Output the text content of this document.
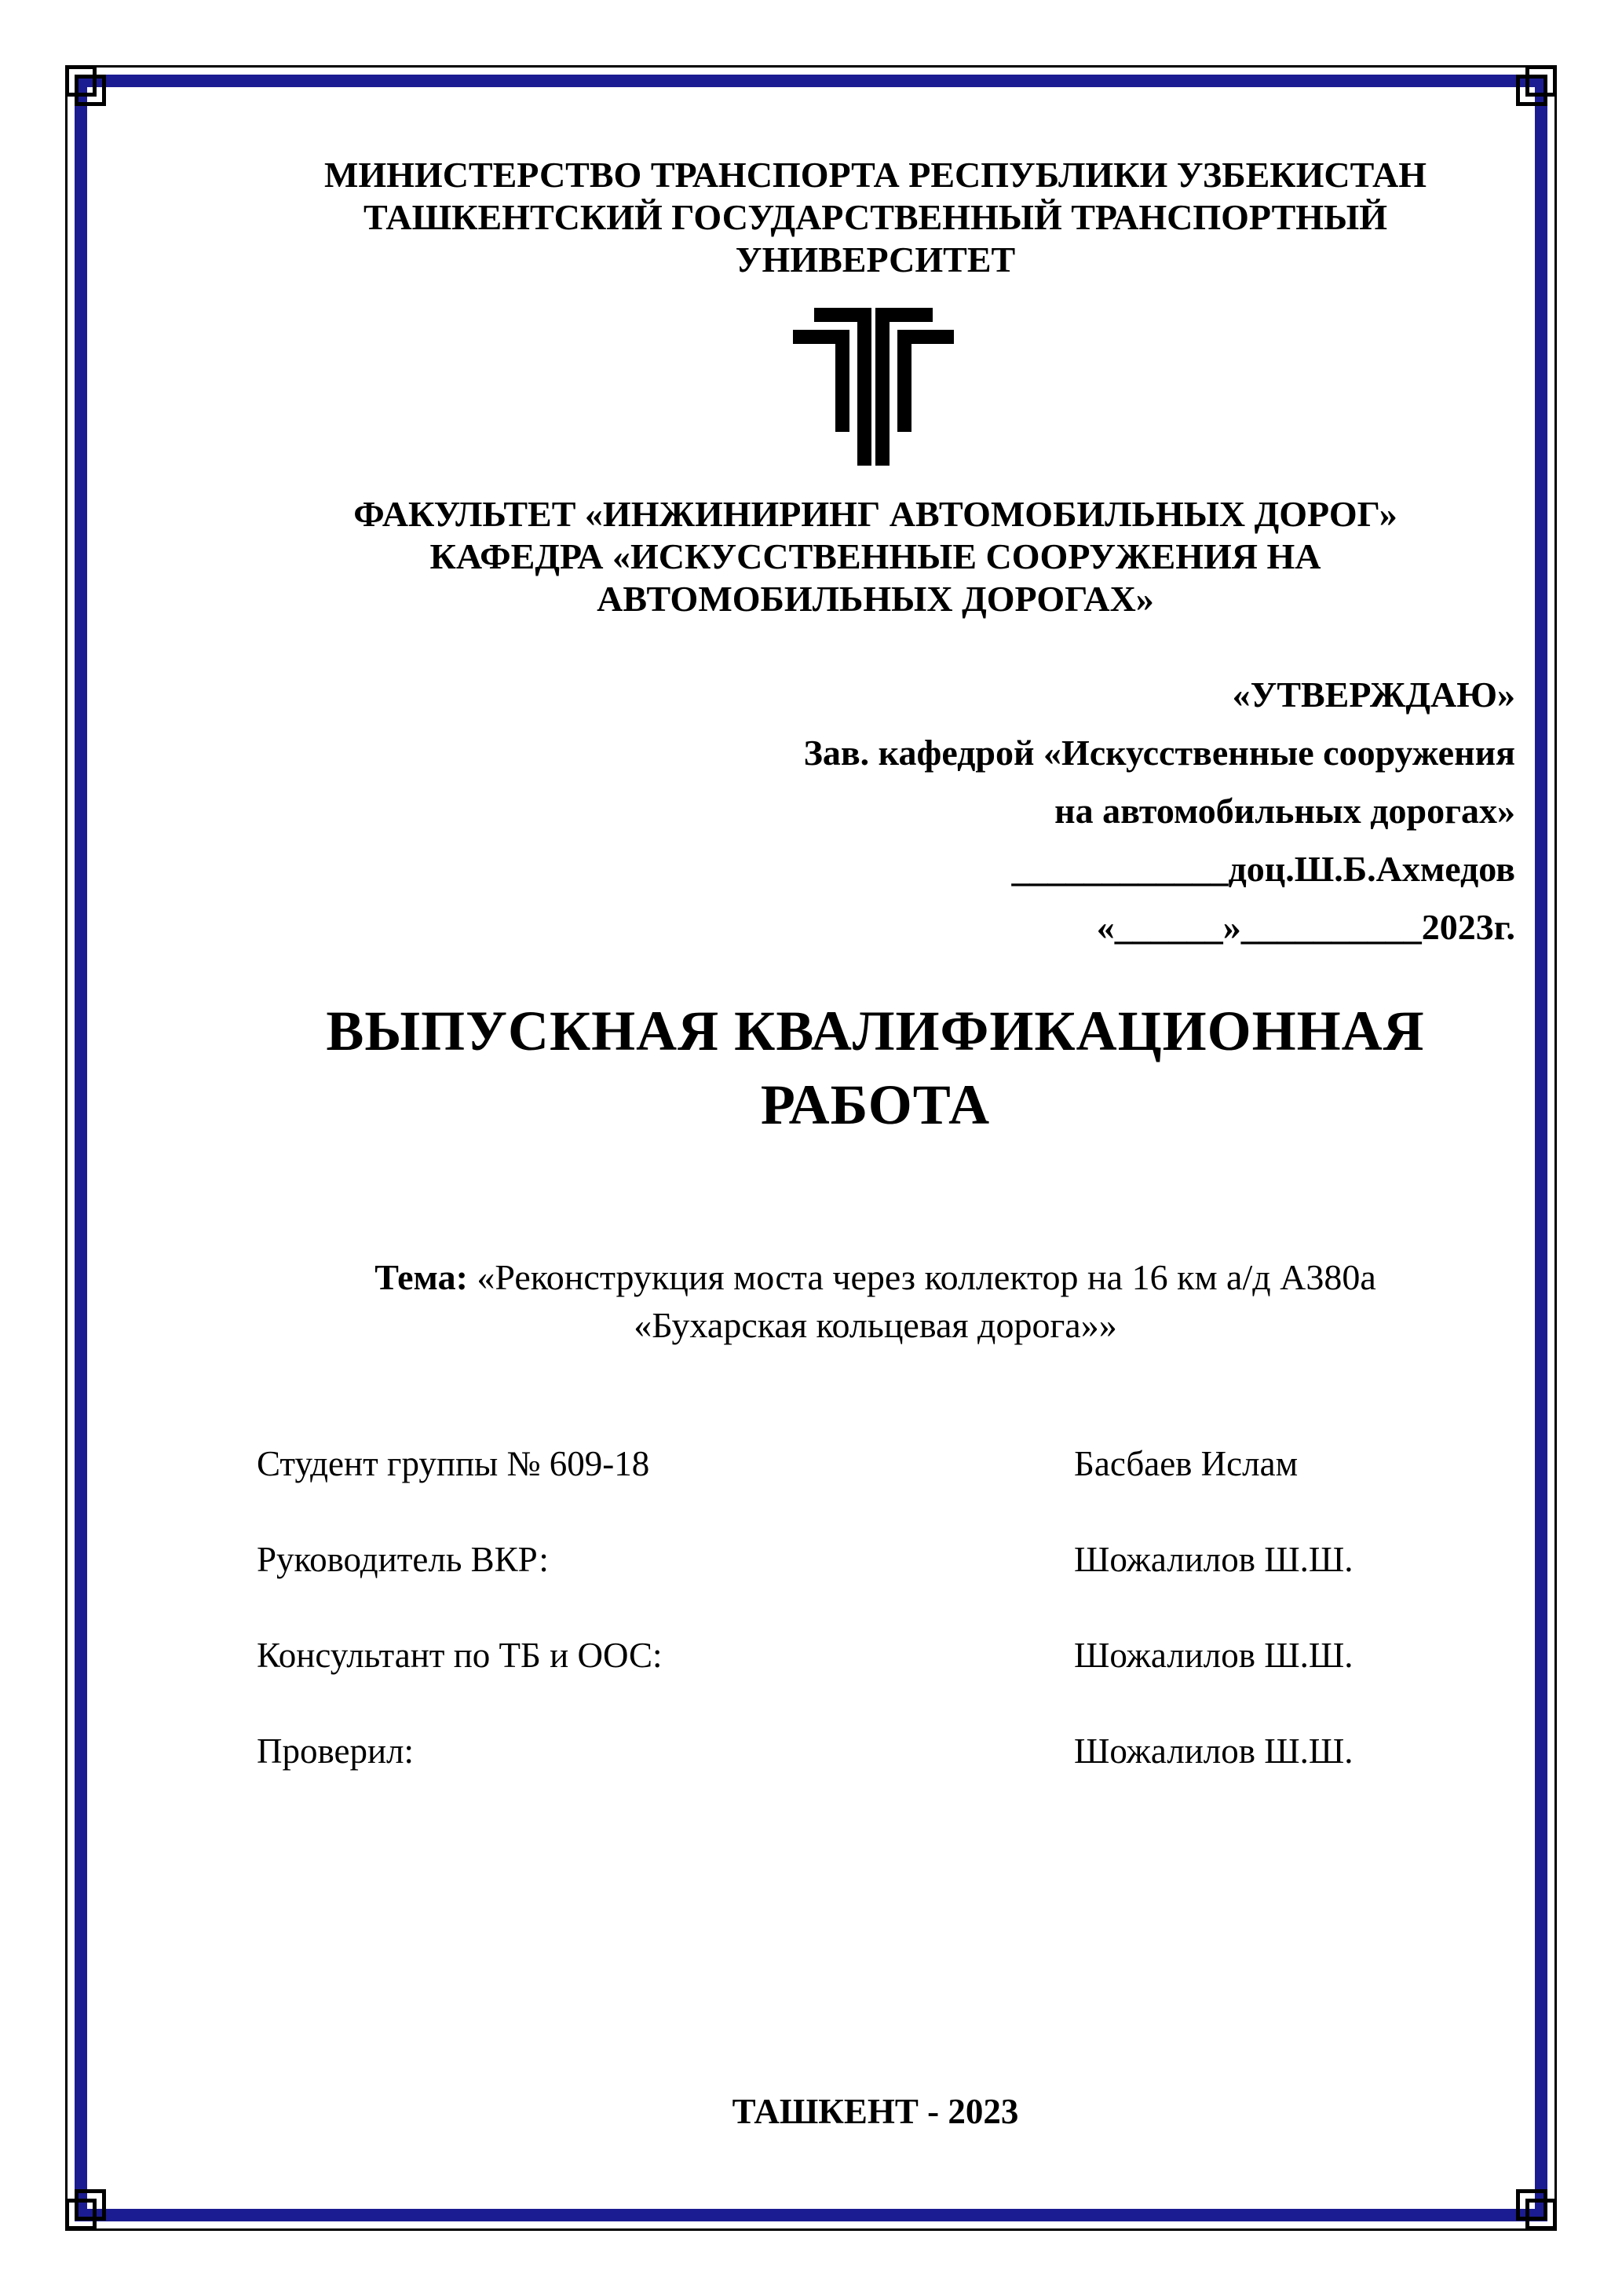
МИНИСТЕРСТВО ТРАНСПОРТА РЕСПУБЛИКИ УЗБЕКИСТАН
ТАШКЕНТСКИЙ ГОСУДАРСТВЕННЫЙ ТРАНСПОРТНЫЙ
УНИВЕРСИТЕТ
ФАКУЛЬТЕТ «ИНЖИНИРИНГ АВТОМОБИЛЬНЫХ ДОРОГ»
КАФЕДРА «ИСКУССТВЕННЫЕ СООРУЖЕНИЯ НА
АВТОМОБИЛЬНЫХ ДОРОГАХ»
«УТВЕРЖДАЮ»
Зав. кафедрой «Искусственные сооружения
на автомобильных дорогах»
____________доц.Ш.Б.Ахмедов
«______»__________2023г.
ВЫПУСКНАЯ КВАЛИФИКАЦИОННАЯ
РАБОТА
Тема: «Реконструкция моста через коллектор на 16 км а/д А380а
«Бухарская кольцевая дорога»»
Студент группы № 609-18	Басбаев Ислам
Руководитель ВКР:	Шожалилов Ш.Ш.
Консультант по ТБ и ООС:	Шожалилов Ш.Ш.
Проверил:	Шожалилов Ш.Ш.
ТАШКЕНТ - 2023
